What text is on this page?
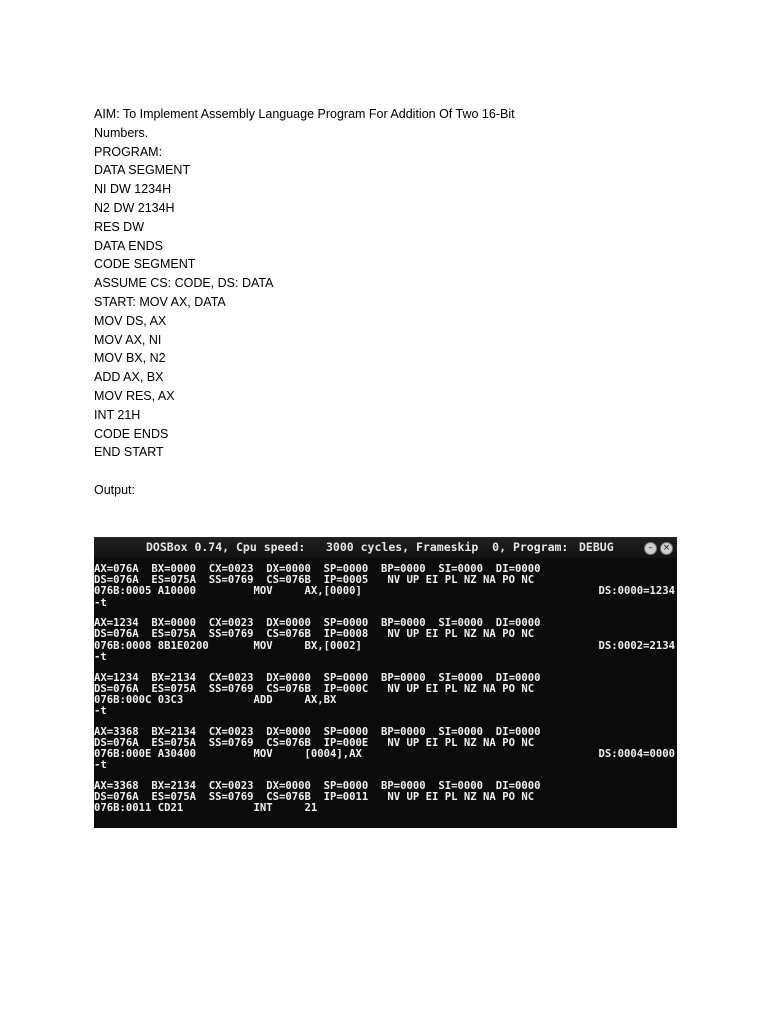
AIM: To Implement Assembly Language Program For Addition Of Two 16-Bit
Numbers.
PROGRAM:
DATA SEGMENT
NI DW 1234H
N2 DW 2134H
RES DW
DATA ENDS
CODE SEGMENT
ASSUME CS: CODE, DS: DATA
START: MOV AX, DATA
MOV DS, AX
MOV AX, NI
MOV BX, N2
ADD AX, BX
MOV RES, AX
INT 21H
CODE ENDS
END START
Output:
DOSBox 0.74, Cpu speed:   3000 cycles, Frameskip  0, Program: DEBUG	–	×
AX=076A  BX=0000  CX=0023  DX=0000  SP=0000  BP=0000  SI=0000  DI=0000
DS=076A  ES=075A  SS=0769  CS=076B  IP=0005   NV UP EI PL NZ NA PO NC
076B:0005 A10000         MOV     AX,[0000]	DS:0000=1234
-t
AX=1234  BX=0000  CX=0023  DX=0000  SP=0000  BP=0000  SI=0000  DI=0000
DS=076A  ES=075A  SS=0769  CS=076B  IP=0008   NV UP EI PL NZ NA PO NC
076B:0008 8B1E0200       MOV     BX,[0002]	DS:0002=2134
-t
AX=1234  BX=2134  CX=0023  DX=0000  SP=0000  BP=0000  SI=0000  DI=0000
DS=076A  ES=075A  SS=0769  CS=076B  IP=000C   NV UP EI PL NZ NA PO NC
076B:000C 03C3           ADD     AX,BX
-t
AX=3368  BX=2134  CX=0023  DX=0000  SP=0000  BP=0000  SI=0000  DI=0000
DS=076A  ES=075A  SS=0769  CS=076B  IP=000E   NV UP EI PL NZ NA PO NC
076B:000E A30400         MOV     [0004],AX	DS:0004=0000
-t
AX=3368  BX=2134  CX=0023  DX=0000  SP=0000  BP=0000  SI=0000  DI=0000
DS=076A  ES=075A  SS=0769  CS=076B  IP=0011   NV UP EI PL NZ NA PO NC
076B:0011 CD21           INT     21
